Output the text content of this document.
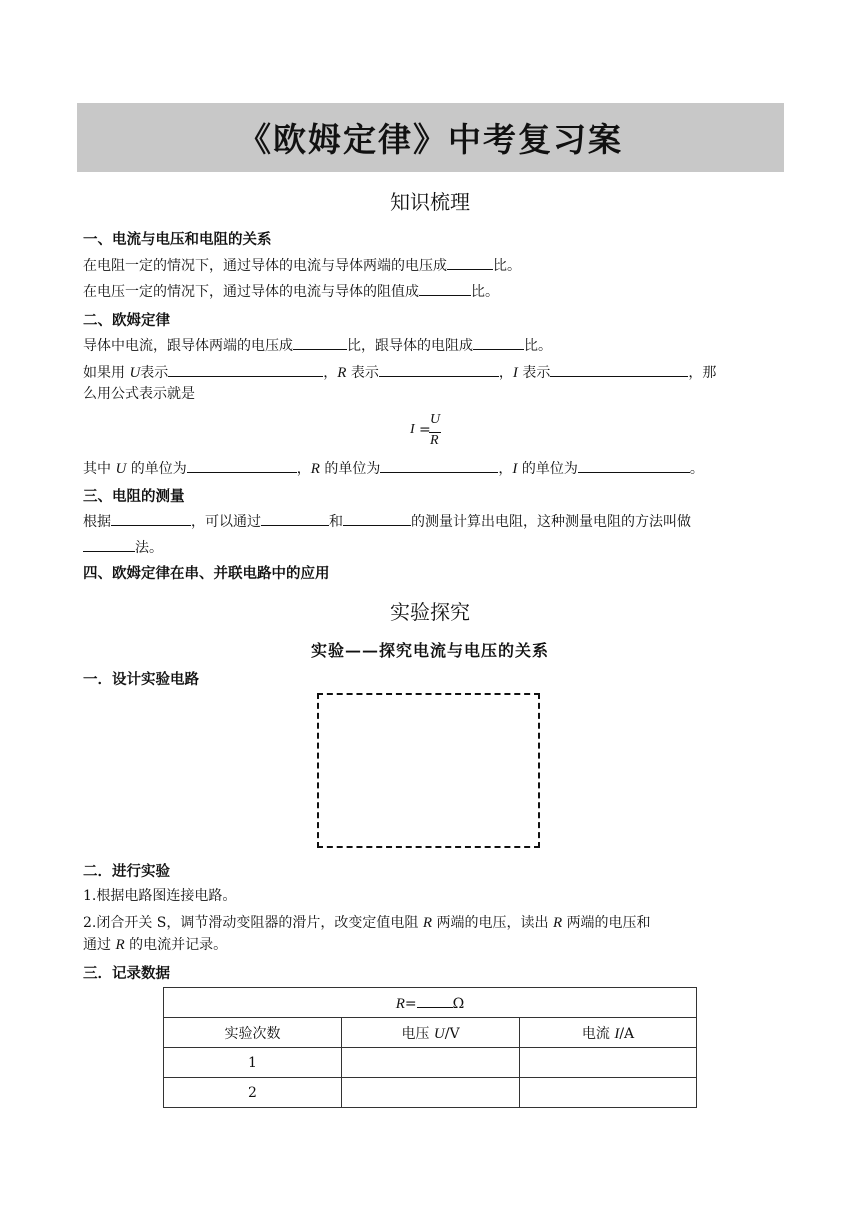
《欧姆定律》中考复习案
知识梳理
一、电流与电压和电阻的关系
在电阻一定的情况下，通过导体的电流与导体两端的电压成	比。
在电压一定的情况下，通过导体的电流与导体的阻值成	比。
二、欧姆定律
导体中电流，跟导体两端的电压成	比，跟导体的电阻成	比。
如果用 U表示	，R 表示	，I 表示	，那
么用公式表示就是
I =
U
R
其中 U 的单位为	，R 的单位为	，I 的单位为	。
三、电阻的测量
根据	，可以通过	和	的测量计算出电阻，这种测量电阻的方法叫做
法。
四、欧姆定律在串、并联电路中的应用
实验探究
实验——探究电流与电压的关系
一．设计实验电路
二．进行实验
1.根据电路图连接电路。
2.闭合开关 S，调节滑动变阻器的滑片，改变定值电阻 R 两端的电压，读出 R 两端的电压和
通过 R 的电流并记录。
三．记录数据
R= Ω		
实验次数	电压 U/V	电流 I/A
1		
2		
